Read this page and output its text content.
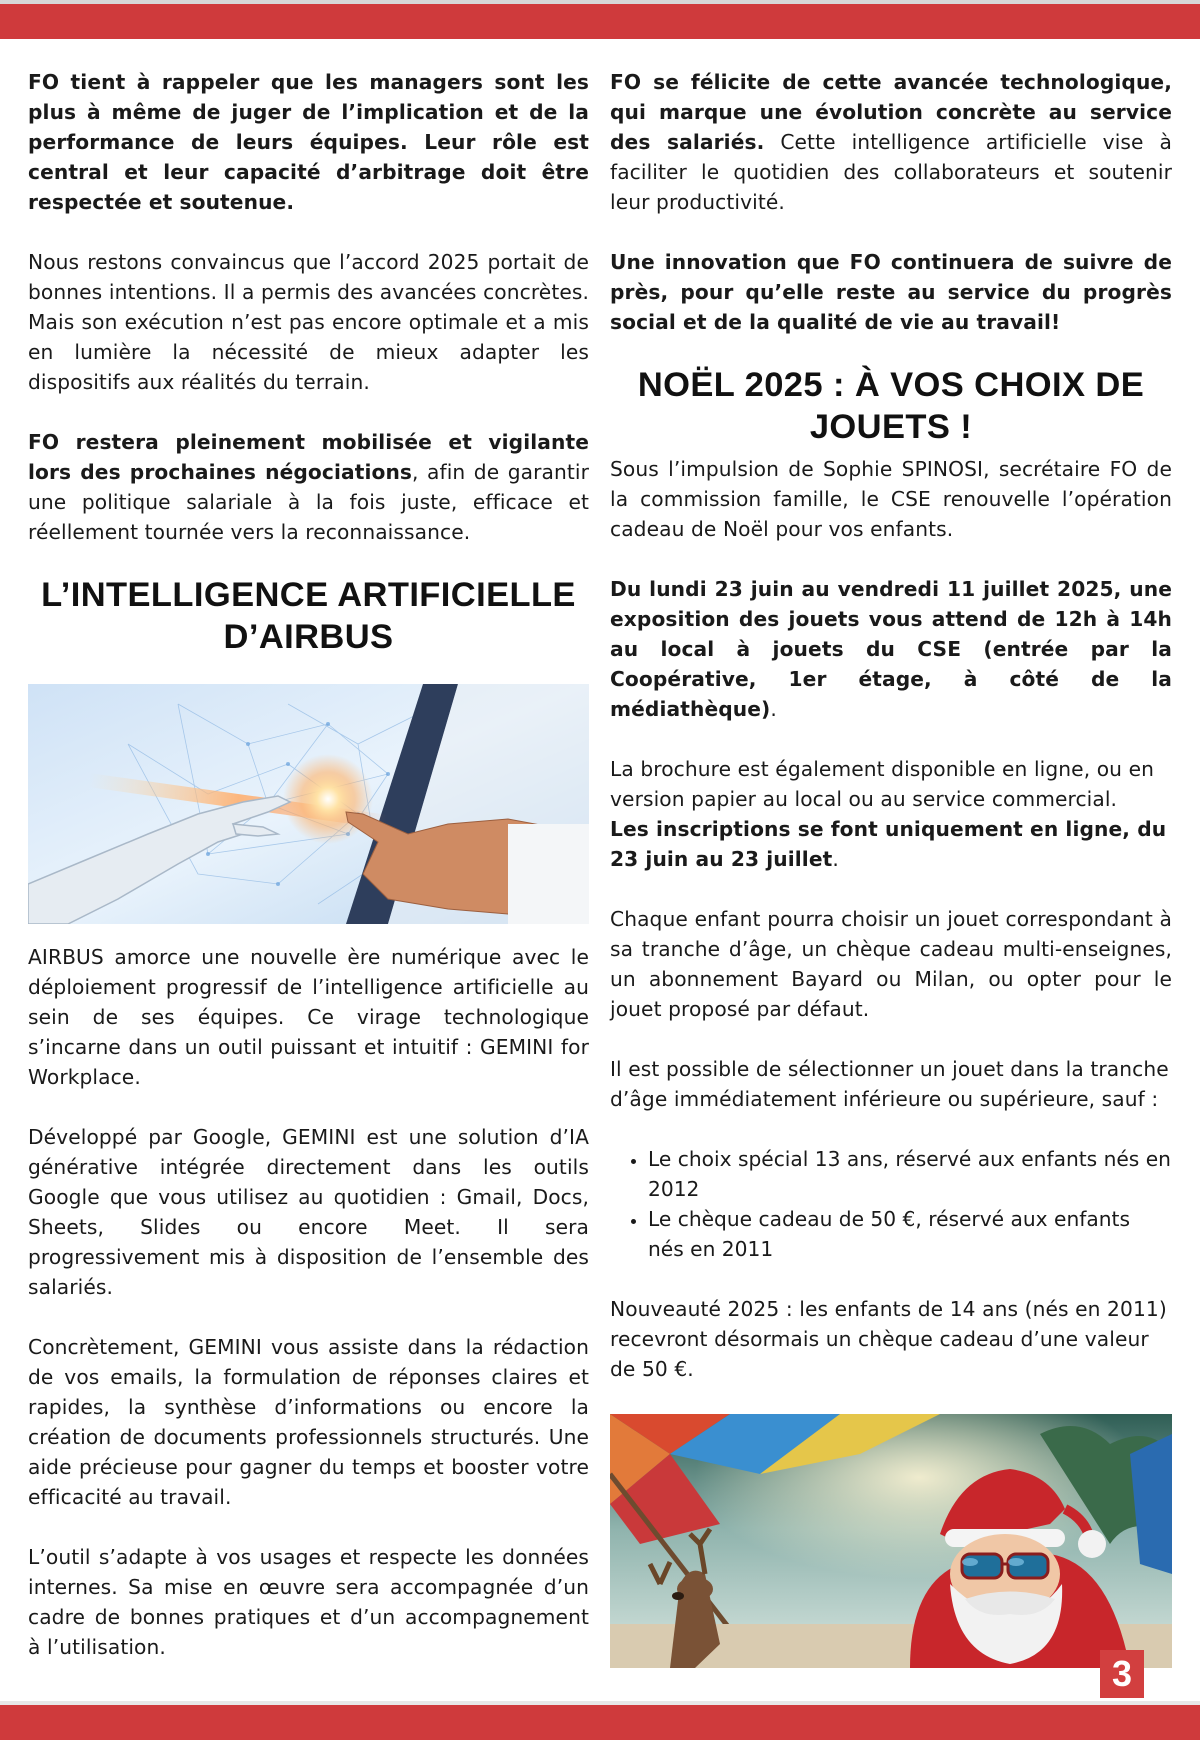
FO tient à rappeler que les managers sont les plus à même de juger de l’implication et de la performance de leurs équipes. Leur rôle est central et leur capacité d’arbitrage doit être respectée et soutenue.

Nous restons convaincus que l’accord 2025 portait de bonnes intentions. Il a permis des avancées concrètes. Mais son exécution n’est pas encore optimale et a mis en lumière la nécessité de mieux adapter les dispositifs aux réalités du terrain.

FO restera pleinement mobilisée et vigilante lors des prochaines négociations, afin de garantir une politique salariale à la fois juste, efficace et réellement tournée vers la reconnaissance.

L’INTELLIGENCE ARTIFICIELLE D’AIRBUS

AIRBUS amorce une nouvelle ère numérique avec le déploiement progressif de l’intelligence artificielle au sein de ses équipes. Ce virage technologique s’incarne dans un outil puissant et intuitif : GEMINI for Workplace.

Développé par Google, GEMINI est une solution d’IA générative intégrée directement dans les outils Google que vous utilisez au quotidien : Gmail, Docs, Sheets, Slides ou encore Meet. Il sera progressivement mis à disposition de l’ensemble des salariés.

Concrètement, GEMINI vous assiste dans la rédaction de vos emails, la formulation de réponses claires et rapides, la synthèse d’informations ou encore la création de documents professionnels structurés. Une aide précieuse pour gagner du temps et booster votre efficacité au travail.

L’outil s’adapte à vos usages et respecte les données internes. Sa mise en œuvre sera accompagnée d’un cadre de bonnes pratiques et d’un accompagnement à l’utilisation.

FO se félicite de cette avancée technologique, qui marque une évolution concrète au service des salariés. Cette intelligence artificielle vise à faciliter le quotidien des collaborateurs et soutenir leur productivité.

Une innovation que FO continuera de suivre de près, pour qu’elle reste au service du progrès social et de la qualité de vie au travail!

NOËL 2025 : À VOS CHOIX DE JOUETS !

Sous l’impulsion de Sophie SPINOSI, secrétaire FO de la commission famille, le CSE renouvelle l’opération cadeau de Noël pour vos enfants.

Du lundi 23 juin au vendredi 11 juillet 2025, une exposition des jouets vous attend de 12h à 14h au local à jouets du CSE (entrée par la Coopérative, 1er étage, à côté de la médiathèque).

La brochure est également disponible en ligne, ou en version papier au local ou au service commercial.
Les inscriptions se font uniquement en ligne, du 23 juin au 23 juillet.

Chaque enfant pourra choisir un jouet correspondant à sa tranche d’âge, un chèque cadeau multi-enseignes, un abonnement Bayard ou Milan, ou opter pour le jouet proposé par défaut.

Il est possible de sélectionner un jouet dans la tranche d’âge immédiatement inférieure ou supérieure, sauf :

• Le choix spécial 13 ans, réservé aux enfants nés en 2012
• Le chèque cadeau de 50 €, réservé aux enfants nés en 2011

Nouveauté 2025 : les enfants de 14 ans (nés en 2011) recevront désormais un chèque cadeau d’une valeur de 50 €.

3
